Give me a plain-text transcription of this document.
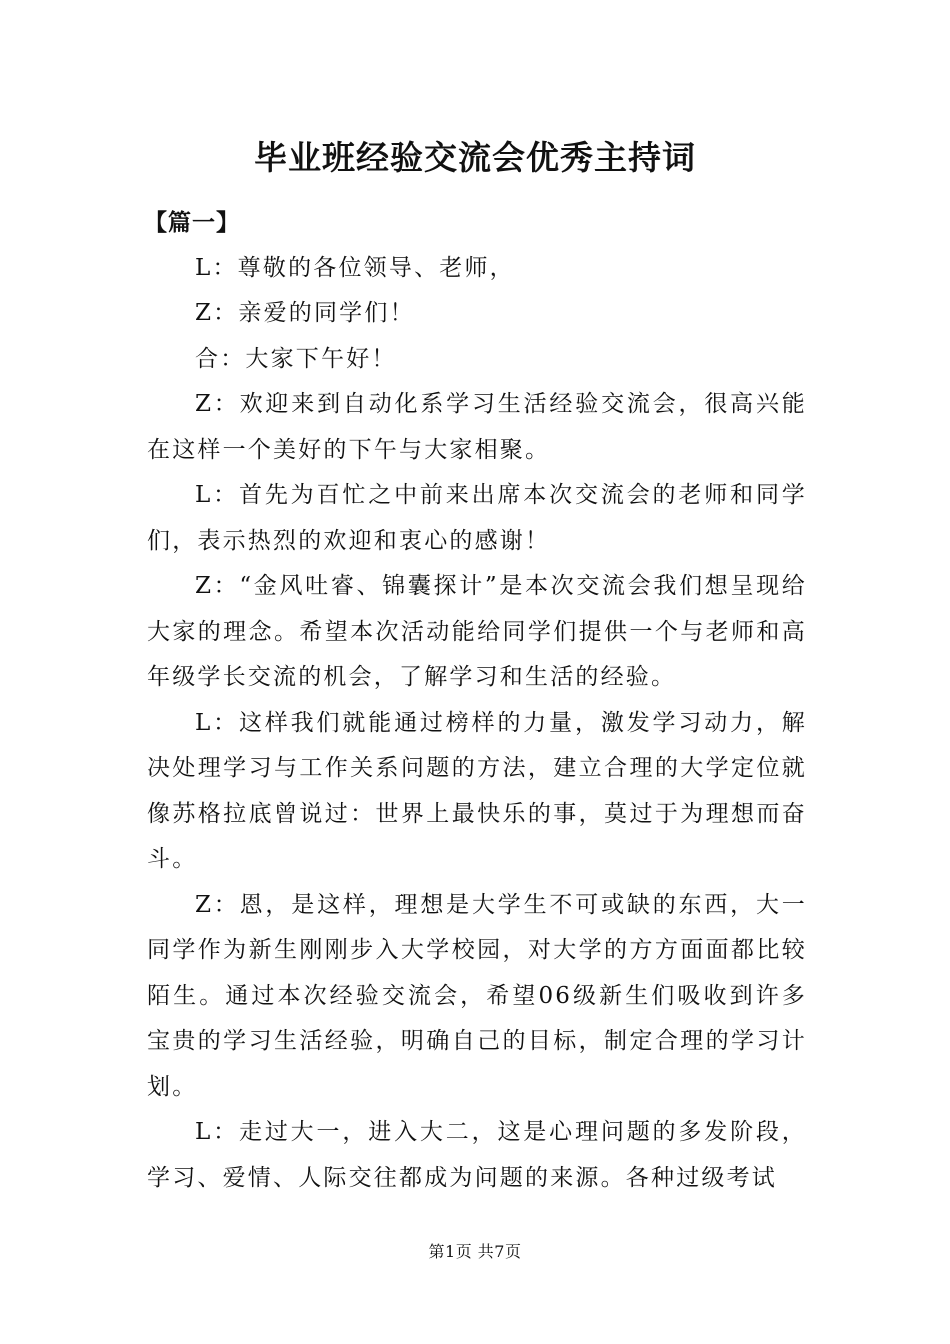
毕业班经验交流会优秀主持词

【篇一】

L：尊敬的各位领导、老师，

Z：亲爱的同学们！

合：大家下午好！

Z：欢迎来到自动化系学习生活经验交流会，很高兴能在这样一个美好的下午与大家相聚。

L：首先为百忙之中前来出席本次交流会的老师和同学们，表示热烈的欢迎和衷心的感谢！

Z：“金风吐睿、锦囊探计”是本次交流会我们想呈现给大家的理念。希望本次活动能给同学们提供一个与老师和高年级学长交流的机会，了解学习和生活的经验。

L：这样我们就能通过榜样的力量，激发学习动力，解决处理学习与工作关系问题的方法，建立合理的大学定位就像苏格拉底曾说过：世界上最快乐的事，莫过于为理想而奋斗。

Z：恩，是这样，理想是大学生不可或缺的东西，大一同学作为新生刚刚步入大学校园，对大学的方方面面都比较陌生。通过本次经验交流会，希望06级新生们吸收到许多宝贵的学习生活经验，明确自己的目标，制定合理的学习计划。

L：走过大一，进入大二，这是心理问题的多发阶段，学习、爱情、人际交往都成为问题的来源。各种过级考试

第1页 共7页
